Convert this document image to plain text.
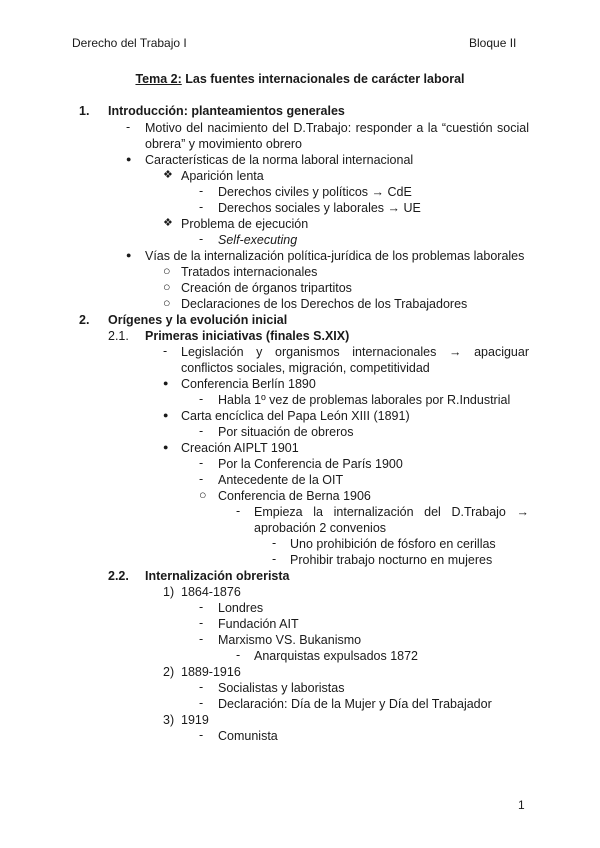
Derecho del Trabajo I	Bloque II
Tema 2: Las fuentes internacionales de carácter laboral
1. Introducción: planteamientos generales
- Motivo del nacimiento del D.Trabajo: responder a la “cuestión social
obrera” y movimiento obrero
● Características de la norma laboral internacional
❖ Aparición lenta
- Derechos civiles y políticos → CdE
- Derechos sociales y laborales → UE
❖ Problema de ejecución
- Self-executing
● Vías de la internalización política-jurídica de los problemas laborales
○ Tratados internacionales
○ Creación de órganos tripartitos
○ Declaraciones de los Derechos de los Trabajadores
2. Orígenes y la evolución inicial
2.1. Primeras iniciativas (finales S.XIX)
- Legislación y organismos internacionales → apaciguar
conflictos sociales, migración, competitividad
● Conferencia Berlín 1890
- Habla 1º vez de problemas laborales por R.Industrial
● Carta encíclica del Papa León XIII (1891)
- Por situación de obreros
● Creación AIPLT 1901
- Por la Conferencia de París 1900
- Antecedente de la OIT
○ Conferencia de Berna 1906
- Empieza la internalización del D.Trabajo →
aprobación 2 convenios
- Uno prohibición de fósforo en cerillas
- Prohibir trabajo nocturno en mujeres
2.2. Internalización obrerista
1) 1864-1876
- Londres
- Fundación AIT
- Marxismo VS. Bukanismo
- Anarquistas expulsados 1872
2) 1889-1916
- Socialistas y laboristas
- Declaración: Día de la Mujer y Día del Trabajador
3) 1919
- Comunista
1
